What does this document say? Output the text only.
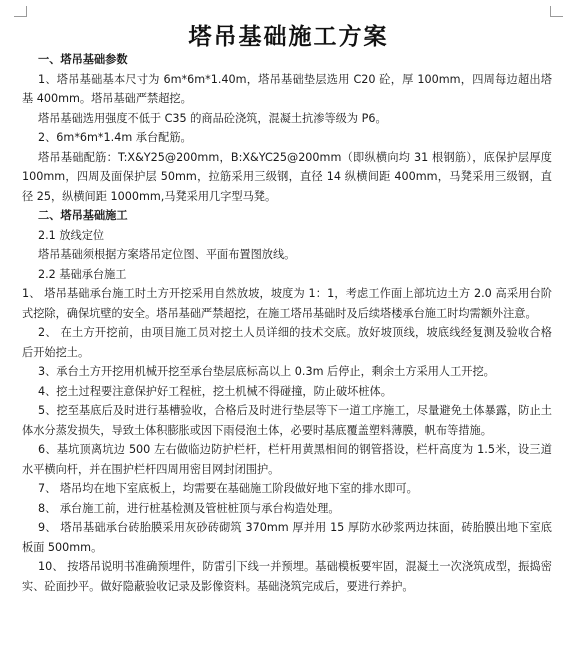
塔吊基础施工方案

一、塔吊基础参数

1、塔吊基础基本尺寸为 6m*6m*1.40m，塔吊基础垫层选用 C20 砼，厚 100mm，四周每边超出塔基 400mm。塔吊基础严禁超挖。

塔吊基础选用强度不低于 C35 的商品砼浇筑，混凝土抗渗等级为 P6。

2、6m*6m*1.4m 承台配筋。

塔吊基础配筋：T:X&Y25@200mm，B:X&YC25@200mm（即纵横向均 31 根钢筋），底保护层厚度 100mm，四周及面保护层 50mm，拉筋采用三级钢，直径 14 纵横间距 400mm，马凳采用三级钢，直径 25，纵横间距 1000mm,马凳采用几字型马凳。

二、塔吊基础施工

2.1 放线定位

塔吊基础须根据方案塔吊定位图、平面布置图放线。

2.2 基础承台施工

1、 塔吊基础承台施工时土方开挖采用自然放坡，坡度为 1：1，考虑工作面上部坑边土方 2.0 高采用台阶式挖除，确保坑壁的安全。塔吊基础严禁超挖，在施工塔吊基础时及后续塔楼承台施工时均需额外注意。

2、 在土方开挖前，由项目施工员对挖土人员详细的技术交底。放好坡顶线，坡底线经复测及验收合格后开始挖土。

3、承台土方开挖用机械开挖至承台垫层底标高以上 0.3m 后停止，剩余土方采用人工开挖。

4、挖土过程要注意保护好工程桩，挖土机械不得碰撞，防止破坏桩体。

5、挖至基底后及时进行基槽验收，合格后及时进行垫层等下一道工序施工，尽量避免土体暴露，防止土体水分蒸发损失，导致土体积膨胀或因下雨侵泡土体，必要时基底覆盖塑料薄膜，帆布等措施。

6、基坑顶离坑边 500 左右做临边防护栏杆，栏杆用黄黑相间的钢管搭设，栏杆高度为 1.5米，设三道水平横向杆，并在围护栏杆四周用密目网封闭围护。

7、 塔吊均在地下室底板上，均需要在基础施工阶段做好地下室的排水即可。

8、 承台施工前，进行桩基检测及管桩桩顶与承台构造处理。

9、 塔吊基础承台砖胎膜采用灰砂砖砌筑 370mm 厚并用 15 厚防水砂浆两边抹面，砖胎膜出地下室底板面 500mm。

10、 按塔吊说明书准确预埋件，防雷引下线一并预埋。基础模板要牢固，混凝土一次浇筑成型，振捣密实、砼面抄平。做好隐蔽验收记录及影像资料。基础浇筑完成后，要进行养护。
